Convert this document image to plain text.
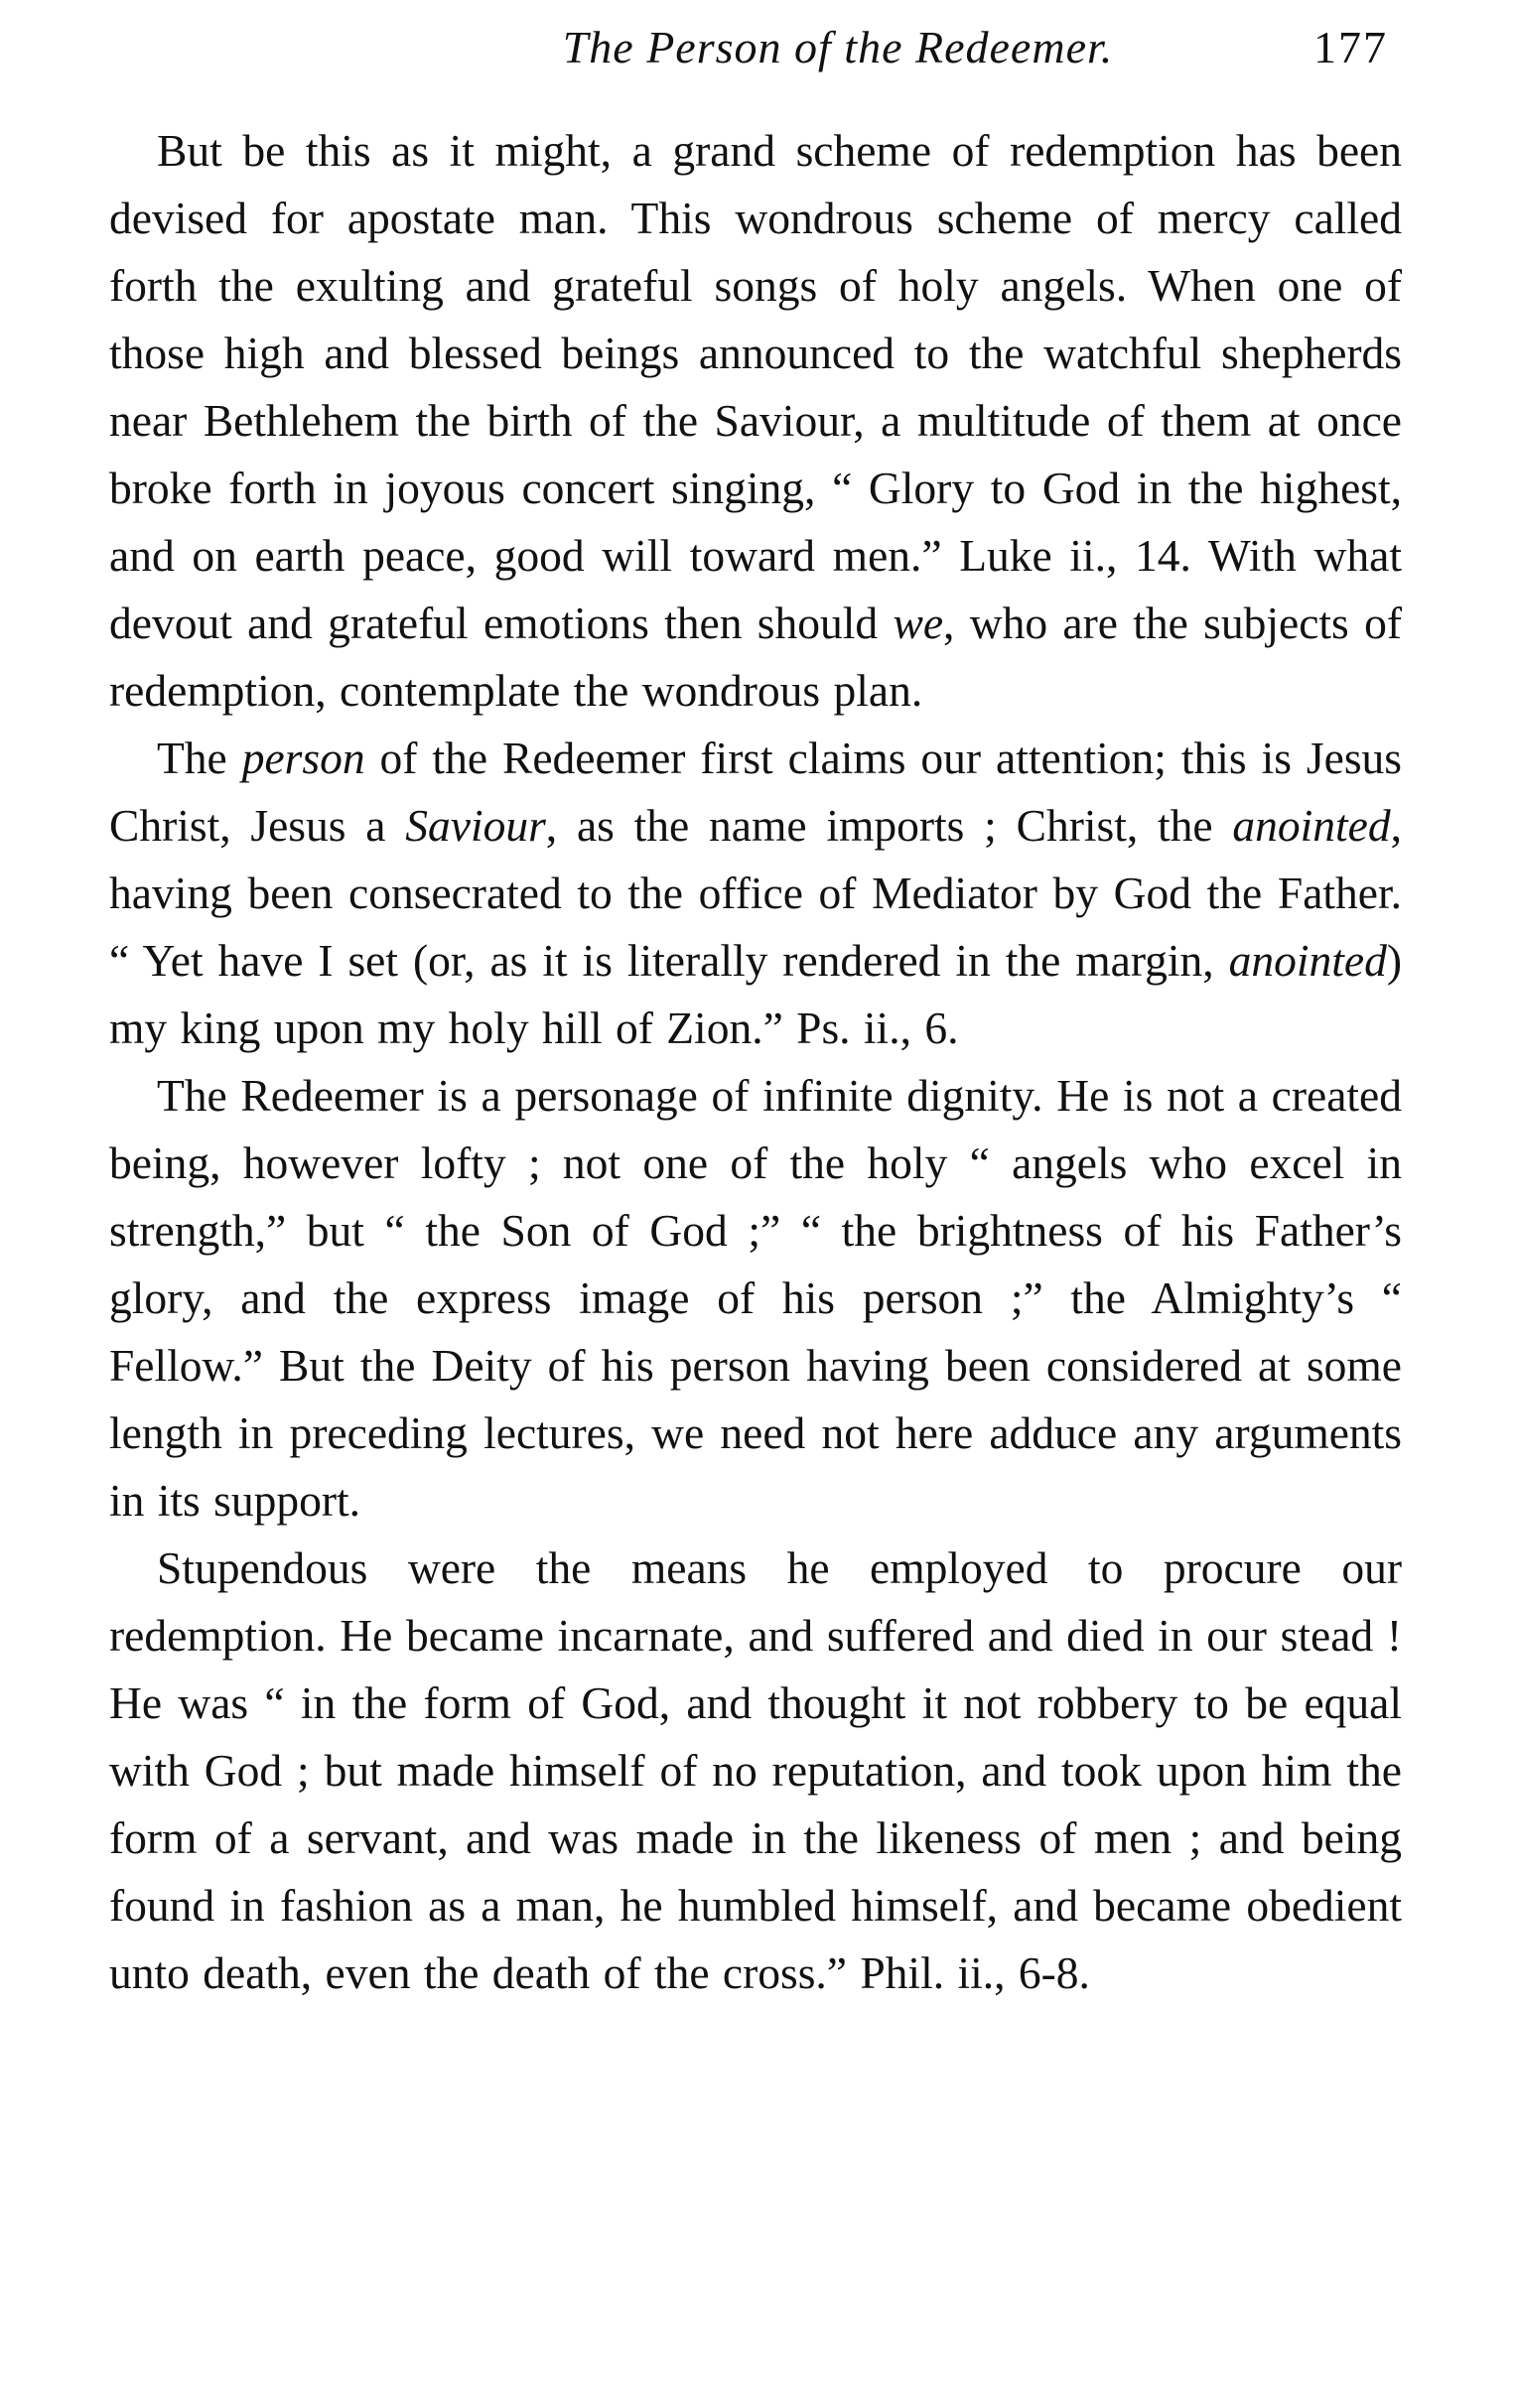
The Person of the Redeemer.	177

But be this as it might, a grand scheme of redemption has been devised for apostate man. This wondrous scheme of mercy called forth the exulting and grateful songs of holy angels. When one of those high and blessed beings announced to the watchful shepherds near Bethlehem the birth of the Saviour, a multitude of them at once broke forth in joyous concert singing, “ Glory to God in the highest, and on earth peace, good will toward men.” Luke ii., 14. With what devout and grateful emotions then should we, who are the subjects of redemption, contemplate the wondrous plan.

The person of the Redeemer first claims our attention; this is Jesus Christ, Jesus a Saviour, as the name imports ; Christ, the anointed, having been consecrated to the office of Mediator by God the Father. “ Yet have I set (or, as it is literally rendered in the margin, anointed) my king upon my holy hill of Zion.” Ps. ii., 6.

The Redeemer is a personage of infinite dignity. He is not a created being, however lofty ; not one of the holy “ angels who excel in strength,” but “ the Son of God ;” “ the brightness of his Father’s glory, and the express image of his person ;” the Almighty’s “ Fellow.” But the Deity of his person having been considered at some length in preceding lectures, we need not here adduce any arguments in its support.

Stupendous were the means he employed to procure our redemption. He became incarnate, and suffered and died in our stead ! He was “ in the form of God, and thought it not robbery to be equal with God ; but made himself of no reputation, and took upon him the form of a servant, and was made in the likeness of men ; and being found in fashion as a man, he humbled himself, and became obedient unto death, even the death of the cross.” Phil. ii., 6-8.
